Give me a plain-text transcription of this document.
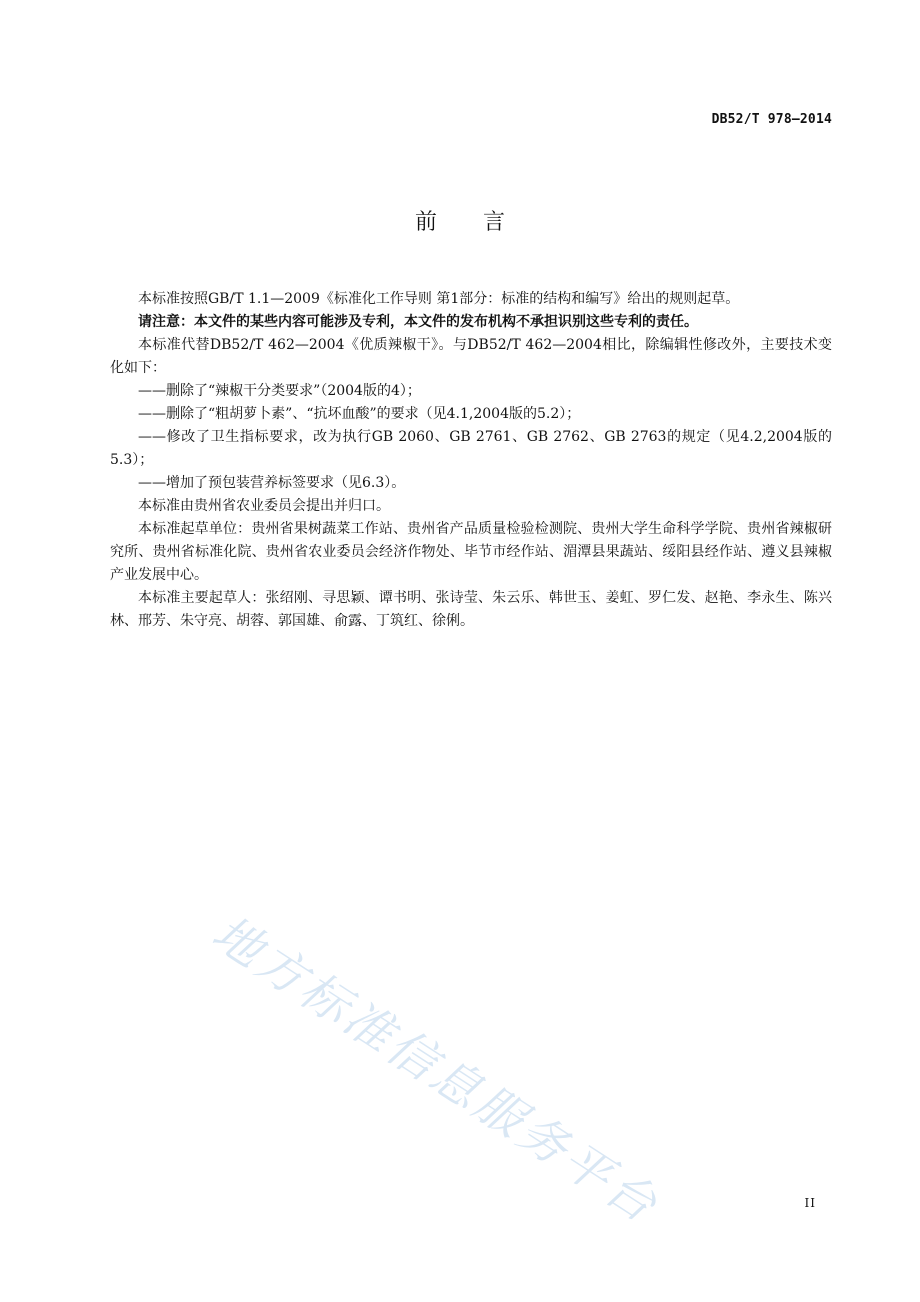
DB52/T 978—2014
前言

本标准按照GB/T 1.1—2009《标准化工作导则 第1部分：标准的结构和编写》给出的规则起草。

请注意：本文件的某些内容可能涉及专利，本文件的发布机构不承担识别这些专利的责任。

本标准代替DB52/T 462—2004《优质辣椒干》。与DB52/T 462—2004相比，除编辑性修改外，主要技术变化如下：

——删除了“辣椒干分类要求”（2004版的4）；

——删除了“粗胡萝卜素”、“抗坏血酸”的要求（见4.1,2004版的5.2）；

——修改了卫生指标要求，改为执行GB 2060、GB 2761、GB 2762、GB 2763的规定（见4.2,2004版的5.3）；

——增加了预包装营养标签要求（见6.3）。

本标准由贵州省农业委员会提出并归口。

本标准起草单位：贵州省果树蔬菜工作站、贵州省产品质量检验检测院、贵州大学生命科学学院、贵州省辣椒研究所、贵州省标准化院、贵州省农业委员会经济作物处、毕节市经作站、湄潭县果蔬站、绥阳县经作站、遵义县辣椒产业发展中心。

本标准主要起草人：张绍刚、寻思颖、谭书明、张诗莹、朱云乐、韩世玉、姜虹、罗仁发、赵艳、李永生、陈兴林、邢芳、朱守亮、胡蓉、郭国雄、俞露、丁筑红、徐俐。

地方标准信息服务平台	II
